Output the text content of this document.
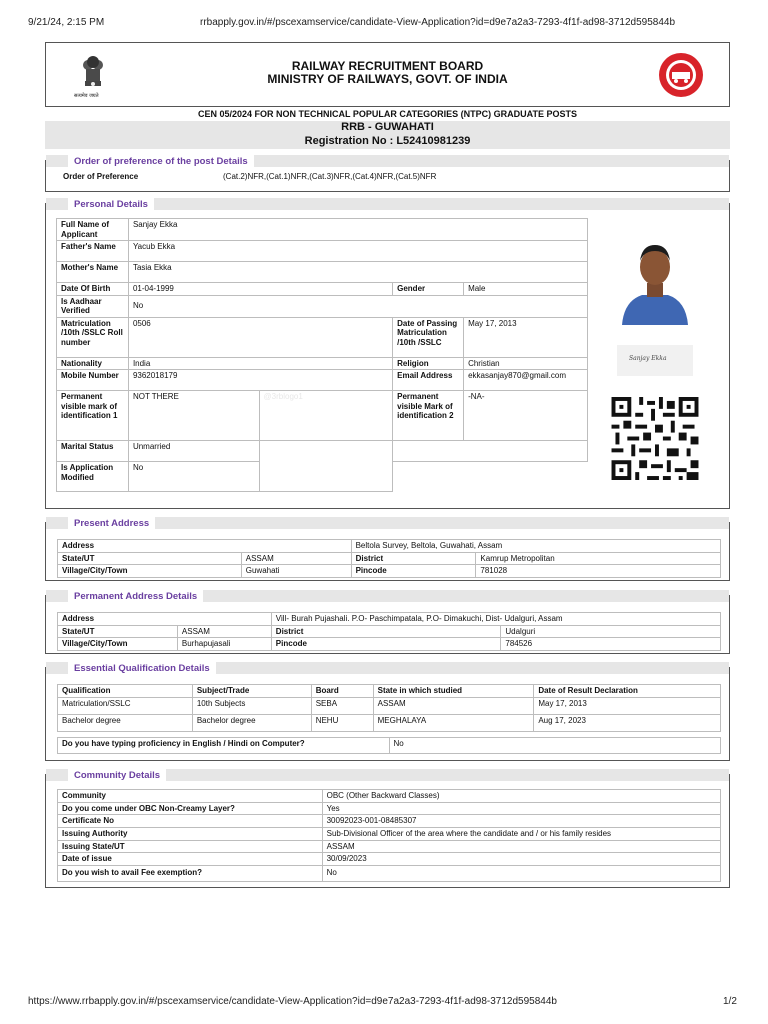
9/21/24, 2:15 PM	rrbapply.gov.in/#/pscexamservice/candidate-View-Application?id=d9e7a2a3-7293-4f1f-ad98-3712d595844b
सत्यमेव जयते
RAILWAY RECRUITMENT BOARD
MINISTRY OF RAILWAYS, GOVT. OF INDIA
CEN 05/2024 FOR NON TECHNICAL POPULAR CATEGORIES (NTPC) GRADUATE POSTS
RRB - GUWAHATI
Registration No : L52410981239
Order of preference of the post Details
Order of Preference	(Cat.2)NFR,(Cat.1)NFR,(Cat.3)NFR,(Cat.4)NFR,(Cat.5)NFR
Personal Details
Full Name of Applicant	Sanjay Ekka			
Father's Name	Yacub Ekka			
Mother's Name	Tasia Ekka			
Date Of Birth	01-04-1999		Gender	Male
Is Aadhaar Verified	No			
Matriculation /10th /SSLC Roll number	0506		Date of Passing Matriculation /10th /SSLC	May 17, 2013
Nationality	India		Religion	Christian
Mobile Number	9362018179		Email Address	ekkasanjay870@gmail.com
Permanent visible mark of identification 1	NOT THERE	@3rblogo1	Permanent visible Mark of identification 2	-NA-
Marital Status	Unmarried			
Is Application Modified	No			
Sanjay Ekka
Present Address
Address		Beltola Survey, Beltola, Guwahati, Assam	
State/UT	ASSAM	District	Kamrup Metropolitan
Village/City/Town	Guwahati	Pincode	781028
Permanent Address Details
Address		Vill- Burah Pujashali. P.O- Paschimpatala, P.O- Dimakuchi, Dist- Udalguri, Assam	
State/UT	ASSAM	District	Udalguri
Village/City/Town	Burhapujasali	Pincode	784526
Essential Qualification Details
Qualification	Subject/Trade	Board	State in which studied	Date of Result Declaration
Matriculation/SSLC	10th Subjects	SEBA	ASSAM	May 17, 2013
Bachelor degree	Bachelor degree	NEHU	MEGHALAYA	Aug 17, 2023
Do you have typing proficiency in English / Hindi on Computer?	No
Community Details
Community	OBC (Other Backward Classes)
Do you come under OBC Non-Creamy Layer?	Yes
Certificate No	30092023-001-08485307
Issuing Authority	Sub-Divisional Officer of the area where the candidate and / or his family resides
Issuing State/UT	ASSAM
Date of issue	30/09/2023
Do you wish to avail Fee exemption?	No
https://www.rrbapply.gov.in/#/pscexamservice/candidate-View-Application?id=d9e7a2a3-7293-4f1f-ad98-3712d595844b	1/2
